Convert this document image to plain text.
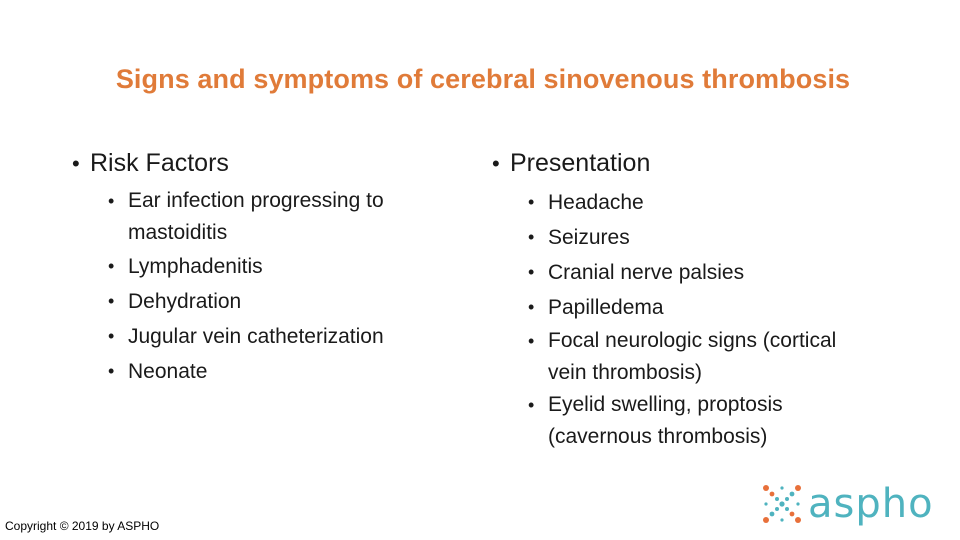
Signs and symptoms of cerebral sinovenous thrombosis
• Risk Factors
• Ear infection progressing to mastoiditis
• Lymphadenitis
• Dehydration
• Jugular vein catheterization
• Neonate
• Presentation
• Headache
• Seizures
• Cranial nerve palsies
• Papilledema
• Focal neurologic signs (cortical vein thrombosis)
• Eyelid swelling, proptosis (cavernous thrombosis)
Copyright © 2019 by ASPHO	aspho
